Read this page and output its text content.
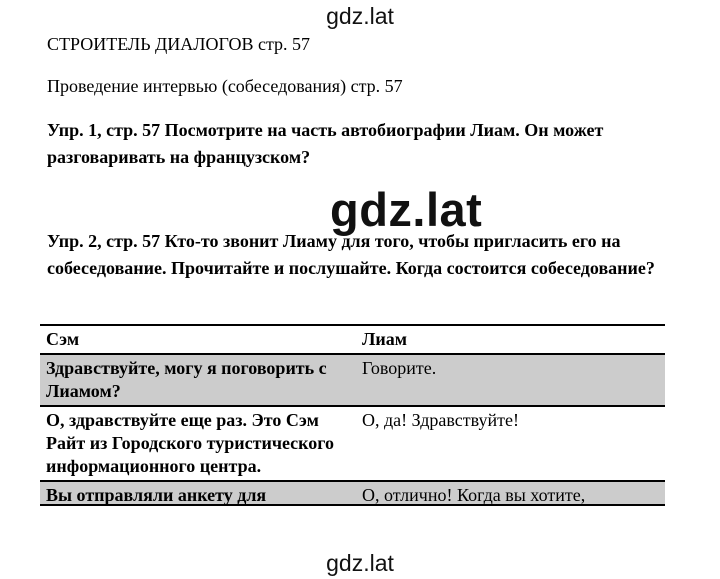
gdz.lat
СТРОИТЕЛЬ ДИАЛОГОВ стр. 57
Проведение интервью (собеседования) стр. 57
Упр. 1, стр. 57 Посмотрите на часть автобиографии Лиам. Он может разговаривать на французском?
Упр. 2, стр. 57 Кто-то звонит Лиаму для того, чтобы пригласить его на собеседование. Прочитайте и послушайте. Когда состоится собеседование?
gdz.lat
Сэм	Лиам
Здравствуйте, могу я поговорить с Лиамом?
Говорите.
О, здравствуйте еще раз. Это Сэм Райт из Городского туристического информационного центра.
О, да! Здравствуйте!
Вы отправляли анкету для	О, отлично! Когда вы хотите,
gdz.lat
